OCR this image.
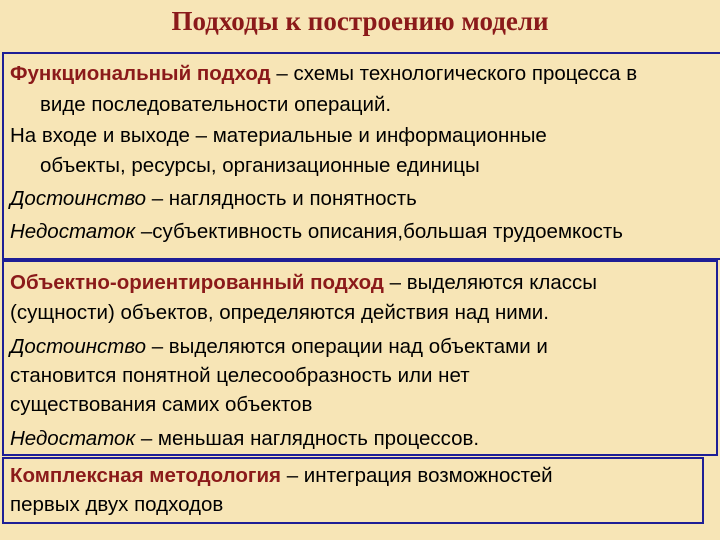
Подходы к построению модели
Функциональный подход – схемы технологического процесса в
виде последовательности операций.
На входе и выходе – материальные и информационные
объекты, ресурсы, организационные единицы
Достоинство – наглядность и понятность
Недостаток –субъективность описания,большая трудоемкость
Объектно-ориентированный подход – выделяются классы
(сущности) объектов, определяются действия над ними.
Достоинство – выделяются операции над объектами и
становится понятной целесообразность или нет
существования самих объектов
Недостаток – меньшая наглядность процессов.
Комплексная методология – интеграция возможностей
первых двух подходов
